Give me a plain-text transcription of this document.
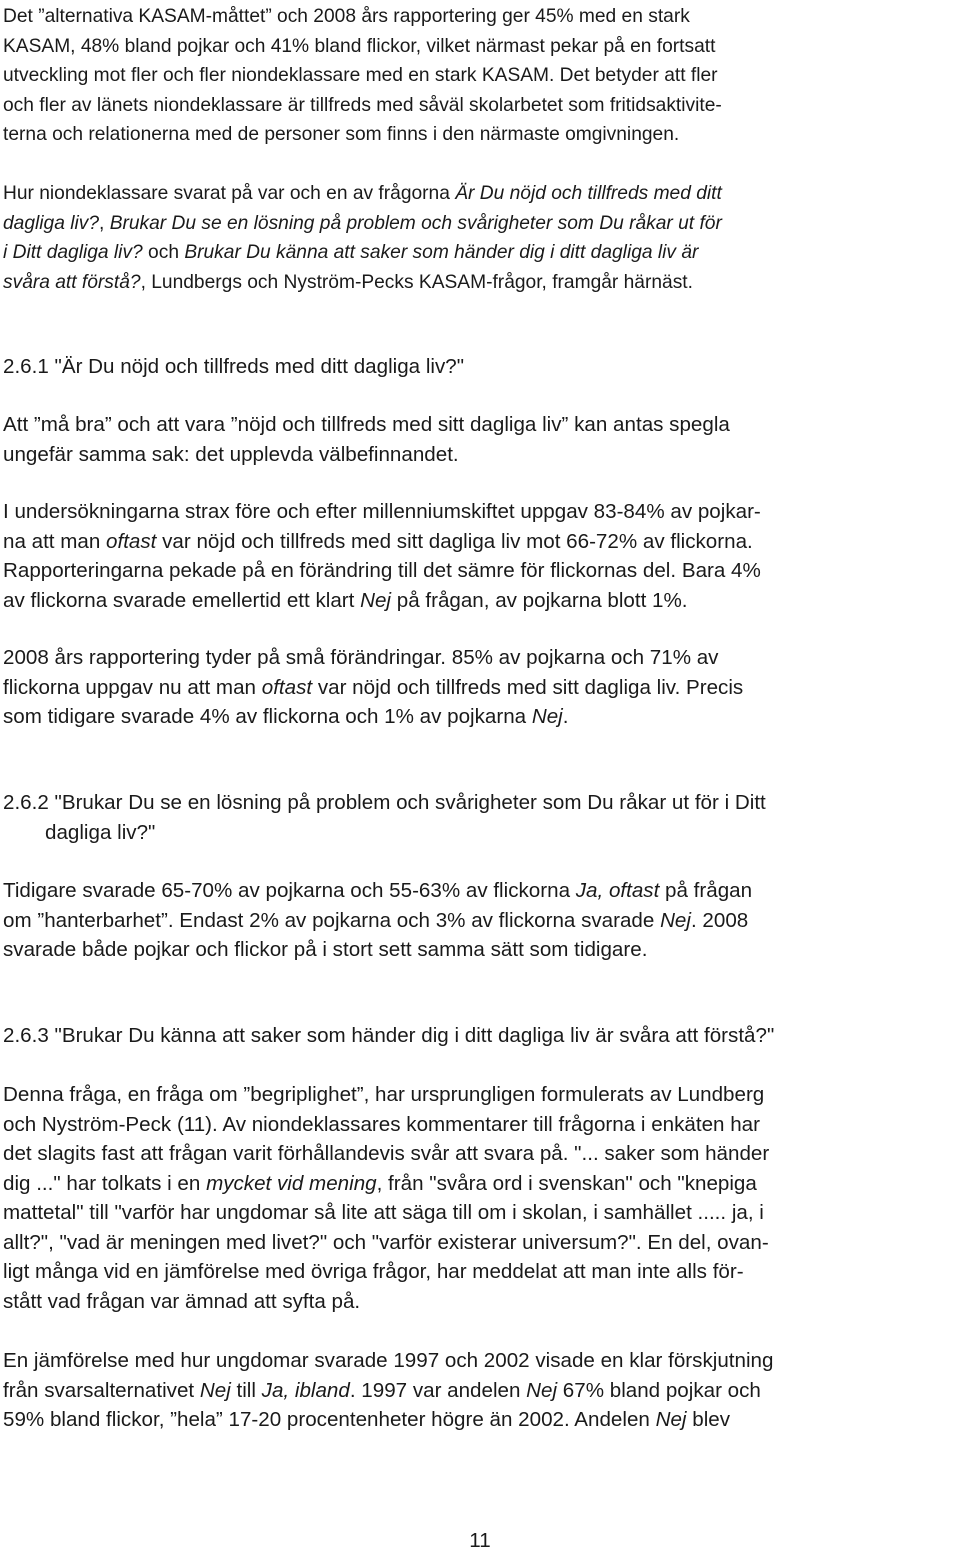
Det ”alternativa KASAM-måttet” och 2008 års rapportering ger 45% med en stark
KASAM, 48% bland pojkar och 41% bland flickor, vilket närmast pekar på en fortsatt
utveckling mot fler och fler niondeklassare med en stark KASAM. Det betyder att fler
och fler av länets niondeklassare är tillfreds med såväl skolarbetet som fritidsaktivite-
terna och relationerna med de personer som finns i den närmaste omgivningen.
Hur niondeklassare svarat på var och en av frågorna Är Du nöjd och tillfreds med ditt
dagliga liv?, Brukar Du se en lösning på problem och svårigheter som Du råkar ut för
i Ditt dagliga liv? och Brukar Du känna att saker som händer dig i ditt dagliga liv är
svåra att förstå?, Lundbergs och Nyström-Pecks KASAM-frågor, framgår härnäst.
2.6.1 "Är Du nöjd och tillfreds med ditt dagliga liv?"
Att ”må bra” och att vara ”nöjd och tillfreds med sitt dagliga liv” kan antas spegla
ungefär samma sak: det upplevda välbefinnandet.
I undersökningarna strax före och efter millenniumskiftet uppgav 83-84% av pojkar-
na att man oftast var nöjd och tillfreds med sitt dagliga liv mot 66-72% av flickorna.
Rapporteringarna pekade på en förändring till det sämre för flickornas del. Bara 4%
av flickorna svarade emellertid ett klart Nej på frågan, av pojkarna blott 1%.
2008 års rapportering tyder på små förändringar. 85% av pojkarna och 71% av
flickorna uppgav nu att man oftast var nöjd och tillfreds med sitt dagliga liv. Precis
som tidigare svarade 4% av flickorna och 1% av pojkarna Nej.
2.6.2 "Brukar Du se en lösning på problem och svårigheter som Du råkar ut för i Ditt
dagliga liv?"
Tidigare svarade 65-70% av pojkarna och 55-63% av flickorna Ja, oftast på frågan
om ”hanterbarhet”. Endast 2% av pojkarna och 3% av flickorna svarade Nej. 2008
svarade både pojkar och flickor på i stort sett samma sätt som tidigare.
2.6.3 "Brukar Du känna att saker som händer dig i ditt dagliga liv är svåra att förstå?"
Denna fråga, en fråga om ”begriplighet”, har ursprungligen formulerats av Lundberg
och Nyström-Peck (11). Av niondeklassares kommentarer till frågorna i enkäten har
det slagits fast att frågan varit förhållandevis svår att svara på. "... saker som händer
dig ..." har tolkats i en mycket vid mening, från "svåra ord i svenskan" och "knepiga
mattetal" till "varför har ungdomar så lite att säga till om i skolan, i samhället ..... ja, i
allt?", "vad är meningen med livet?" och "varför existerar universum?". En del, ovan-
ligt många vid en jämförelse med övriga frågor, har meddelat att man inte alls för-
stått vad frågan var ämnad att syfta på.
En jämförelse med hur ungdomar svarade 1997 och 2002 visade en klar förskjutning
från svarsalternativet Nej till Ja, ibland. 1997 var andelen Nej 67% bland pojkar och
59% bland flickor, ”hela” 17-20 procentenheter högre än 2002. Andelen Nej blev
11
